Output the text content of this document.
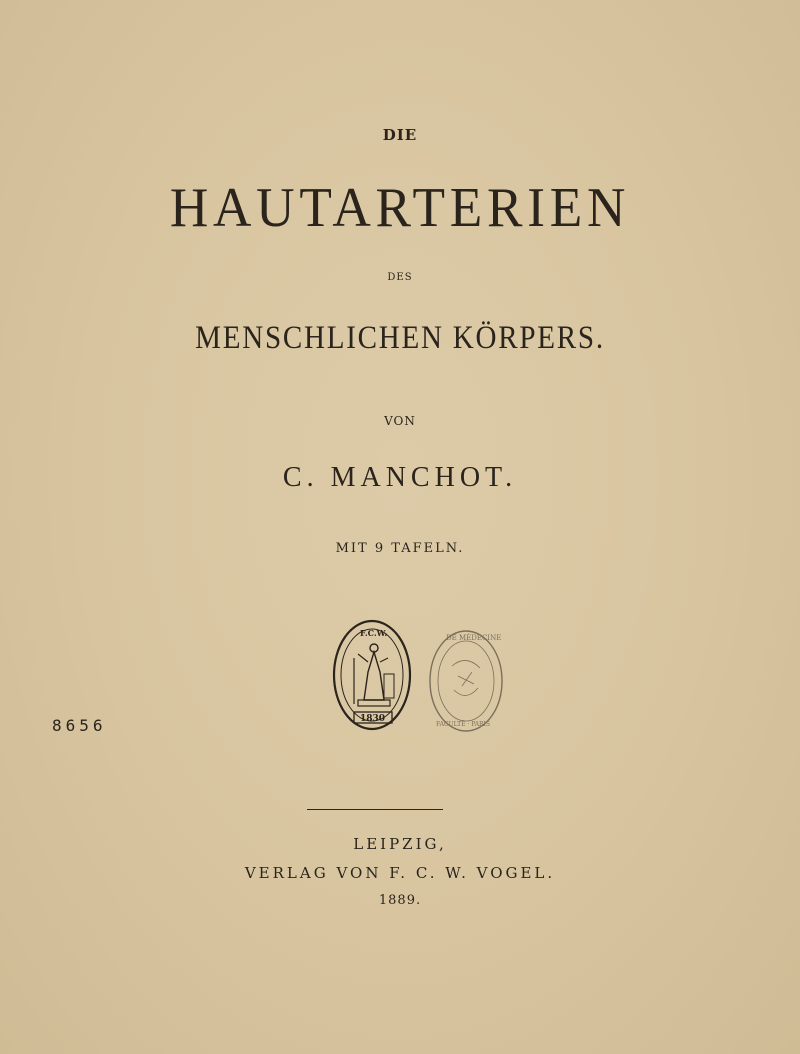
DIE
HAUTARTERIEN
DES
MENSCHLICHEN KÖRPERS.
VON
C. MANCHOT.
MIT 9 TAFELN.
8656	1830
F.C.W.	DE MÉDECINE
FACULTÉ · PARIS
LEIPZIG,
VERLAG VON F. C. W. VOGEL.
1889.
